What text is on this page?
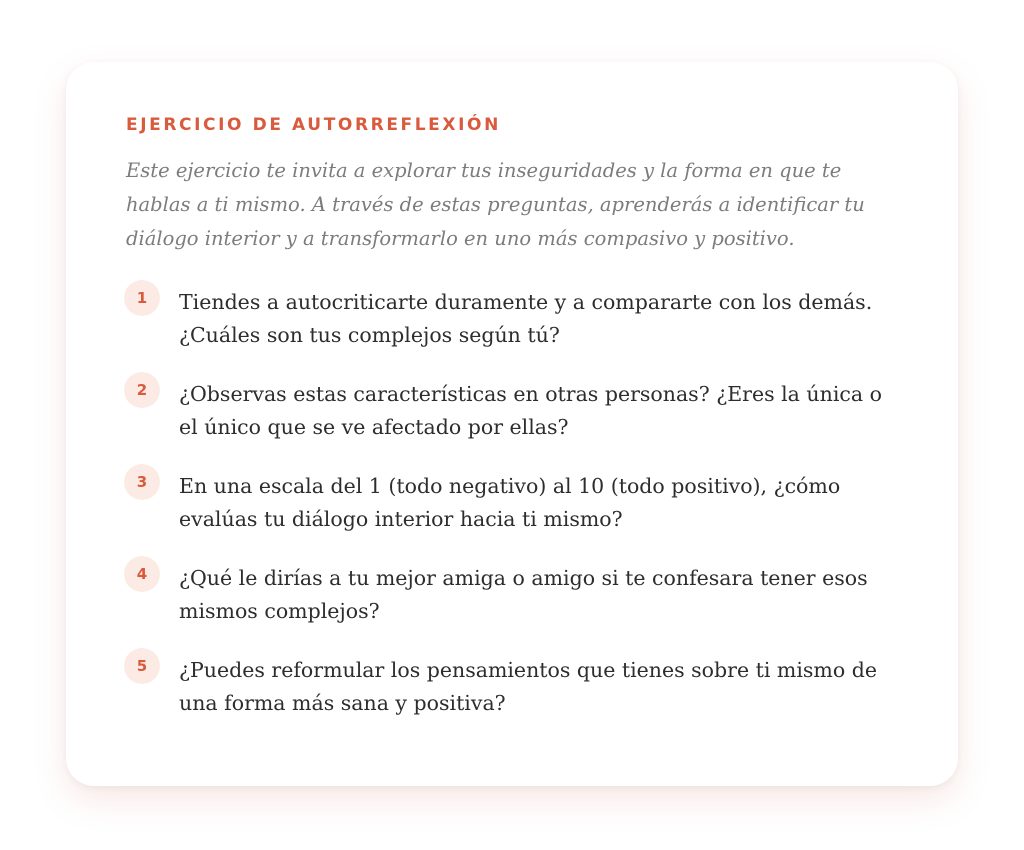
EJERCICIO DE AUTORREFLEXIÓN

Este ejercicio te invita a explorar tus inseguridades y la forma en que te hablas a ti mismo. A través de estas preguntas, aprenderás a identificar tu diálogo interior y a transformarlo en uno más compasivo y positivo.

1	Tiendes a autocriticarte duramente y a compararte con los demás. ¿Cuáles son tus complejos según tú?
2	¿Observas estas características en otras personas? ¿Eres la única o el único que se ve afectado por ellas?
3	En una escala del 1 (todo negativo) al 10 (todo positivo), ¿cómo evalúas tu diálogo interior hacia ti mismo?
4	¿Qué le dirías a tu mejor amiga o amigo si te confesara tener esos mismos complejos?
5	¿Puedes reformular los pensamientos que tienes sobre ti mismo de una forma más sana y positiva?
